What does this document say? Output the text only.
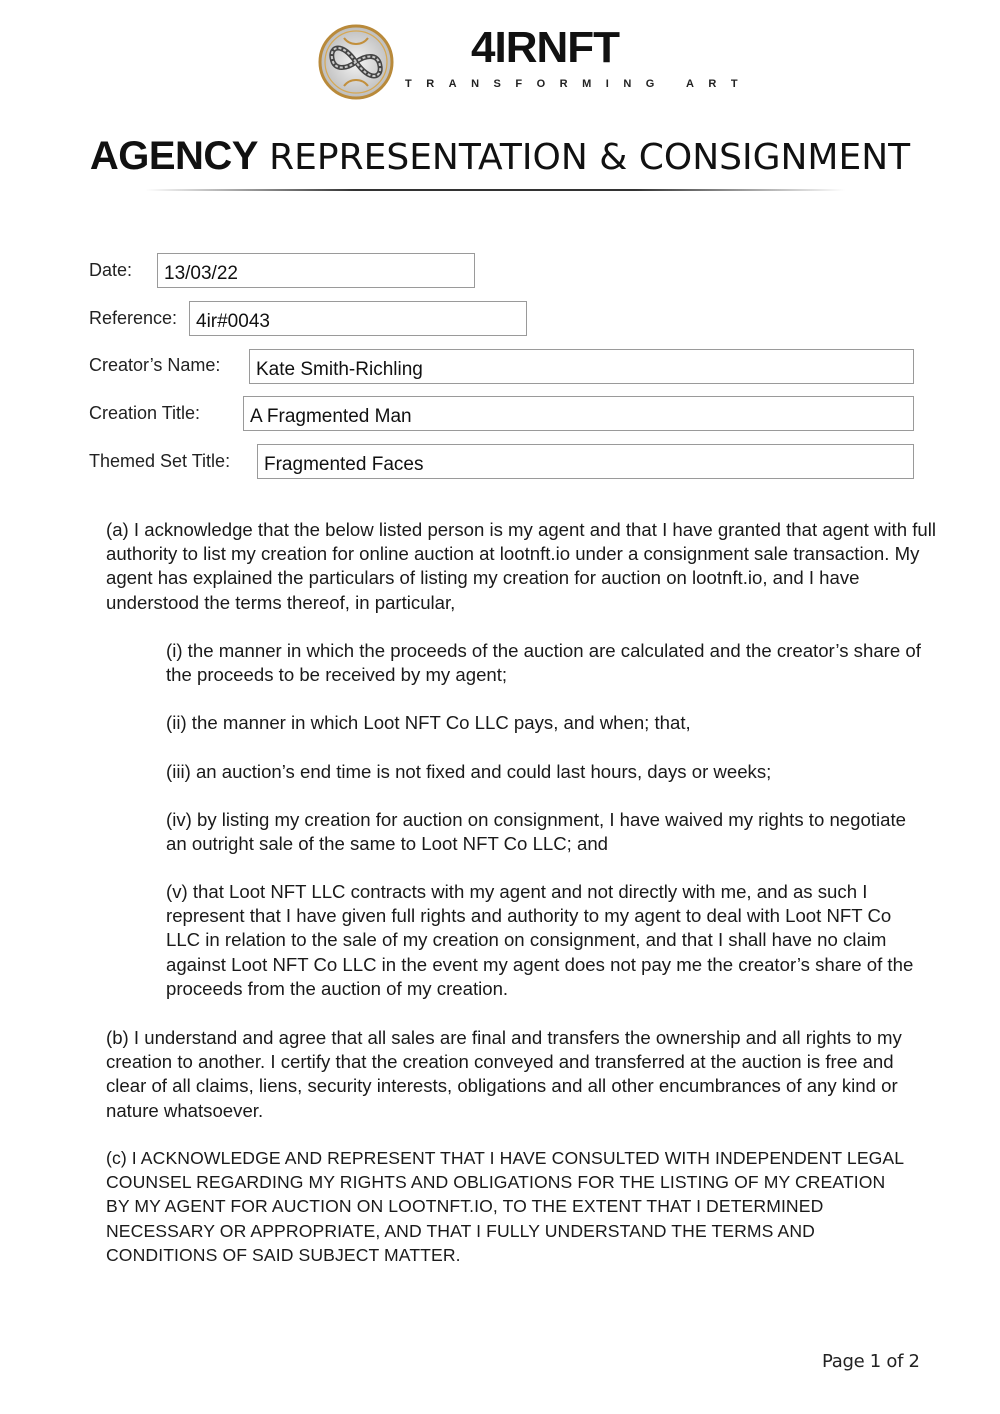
4IRNFT
TRANSFORMING ART
AGENCY REPRESENTATION & CONSIGNMENT
Date:	13/03/22
Reference: 4ir#0043
Creator’s Name:	Kate Smith-Richling
Creation Title:	A Fragmented Man
Themed Set Title:	Fragmented Faces

(a) I acknowledge that the below listed person is my agent and that I have granted that agent with full authority to list my creation for online auction at lootnft.io under a consignment sale transaction. My agent has explained the particulars of listing my creation for auction on lootnft.io, and I have understood the terms thereof, in particular,

(i) the manner in which the proceeds of the auction are calculated and the creator’s share of the proceeds to be received by my agent;

(ii) the manner in which Loot NFT Co LLC pays, and when; that,

(iii) an auction’s end time is not fixed and could last hours, days or weeks;

(iv) by listing my creation for auction on consignment, I have waived my rights to negotiate an outright sale of the same to Loot NFT Co LLC; and

(v) that Loot NFT LLC contracts with my agent and not directly with me, and as such I represent that I have given full rights and authority to my agent to deal with Loot NFT Co LLC in relation to the sale of my creation on consignment, and that I shall have no claim against Loot NFT Co LLC in the event my agent does not pay me the creator’s share of the proceeds from the auction of my creation.

(b) I understand and agree that all sales are final and transfers the ownership and all rights to my creation to another. I certify that the creation conveyed and transferred at the auction is free and clear of all claims, liens, security interests, obligations and all other encumbrances of any kind or nature whatsoever.

(c) I ACKNOWLEDGE AND REPRESENT THAT I HAVE CONSULTED WITH INDEPENDENT LEGAL COUNSEL REGARDING MY RIGHTS AND OBLIGATIONS FOR THE LISTING OF MY CREATION BY MY AGENT FOR AUCTION ON LOOTNFT.IO, TO THE EXTENT THAT I DETERMINED NECESSARY OR APPROPRIATE, AND THAT I FULLY UNDERSTAND THE TERMS AND CONDITIONS OF SAID SUBJECT MATTER.

Page 1 of 2
